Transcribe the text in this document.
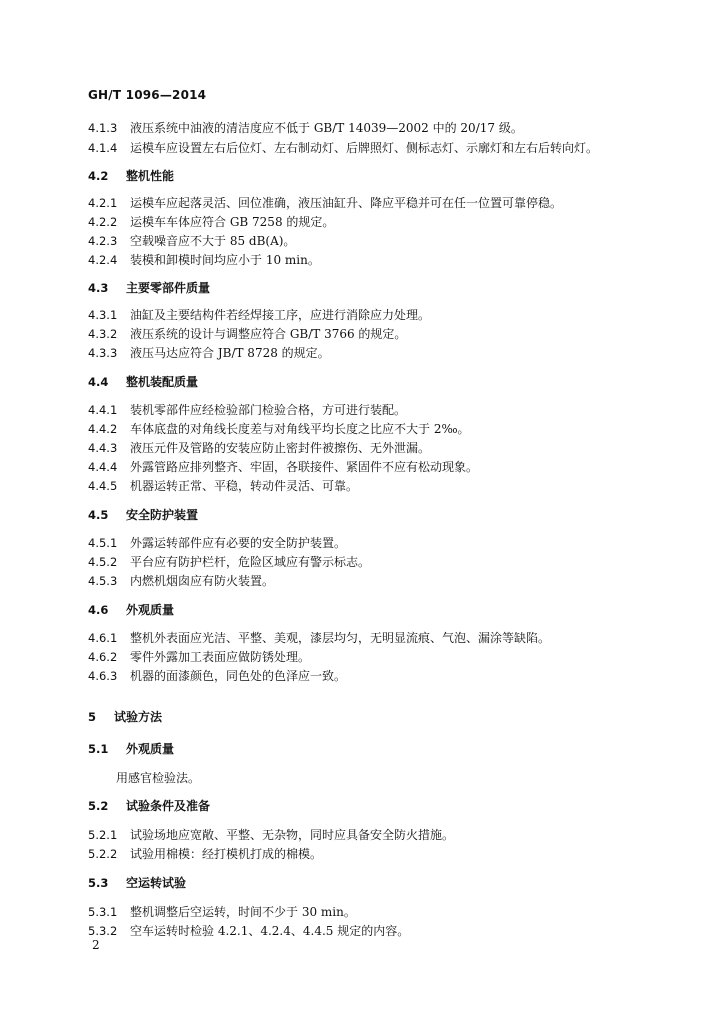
GH/T 1096—2014
4.1.3 液压系统中油液的清洁度应不低于 GB/T 14039—2002 中的 20/17 级。
4.1.4 运模车应设置左右后位灯、左右制动灯、后牌照灯、侧标志灯、示廓灯和左右后转向灯。
4.2 整机性能
4.2.1 运模车应起落灵活、回位准确，液压油缸升、降应平稳并可在任一位置可靠停稳。
4.2.2 运模车车体应符合 GB 7258 的规定。
4.2.3 空载噪音应不大于 85 dB(A)。
4.2.4 装模和卸模时间均应小于 10 min。
4.3 主要零部件质量
4.3.1 油缸及主要结构件若经焊接工序，应进行消除应力处理。
4.3.2 液压系统的设计与调整应符合 GB/T 3766 的规定。
4.3.3 液压马达应符合 JB/T 8728 的规定。
4.4 整机装配质量
4.4.1 装机零部件应经检验部门检验合格，方可进行装配。
4.4.2 车体底盘的对角线长度差与对角线平均长度之比应不大于 2‰。
4.4.3 液压元件及管路的安装应防止密封件被擦伤、无外泄漏。
4.4.4 外露管路应排列整齐、牢固，各联接件、紧固件不应有松动现象。
4.4.5 机器运转正常、平稳，转动件灵活、可靠。
4.5 安全防护装置
4.5.1 外露运转部件应有必要的安全防护装置。
4.5.2 平台应有防护栏杆，危险区域应有警示标志。
4.5.3 内燃机烟囱应有防火装置。
4.6 外观质量
4.6.1 整机外表面应光洁、平整、美观，漆层均匀，无明显流痕、气泡、漏涂等缺陷。
4.6.2 零件外露加工表面应做防锈处理。
4.6.3 机器的面漆颜色，同色处的色泽应一致。
5 试验方法
5.1 外观质量
用感官检验法。
5.2 试验条件及准备
5.2.1 试验场地应宽敞、平整、无杂物，同时应具备安全防火措施。
5.2.2 试验用棉模：经打模机打成的棉模。
5.3 空运转试验
5.3.1 整机调整后空运转，时间不少于 30 min。
5.3.2 空车运转时检验 4.2.1、4.2.4、4.4.5 规定的内容。
2
